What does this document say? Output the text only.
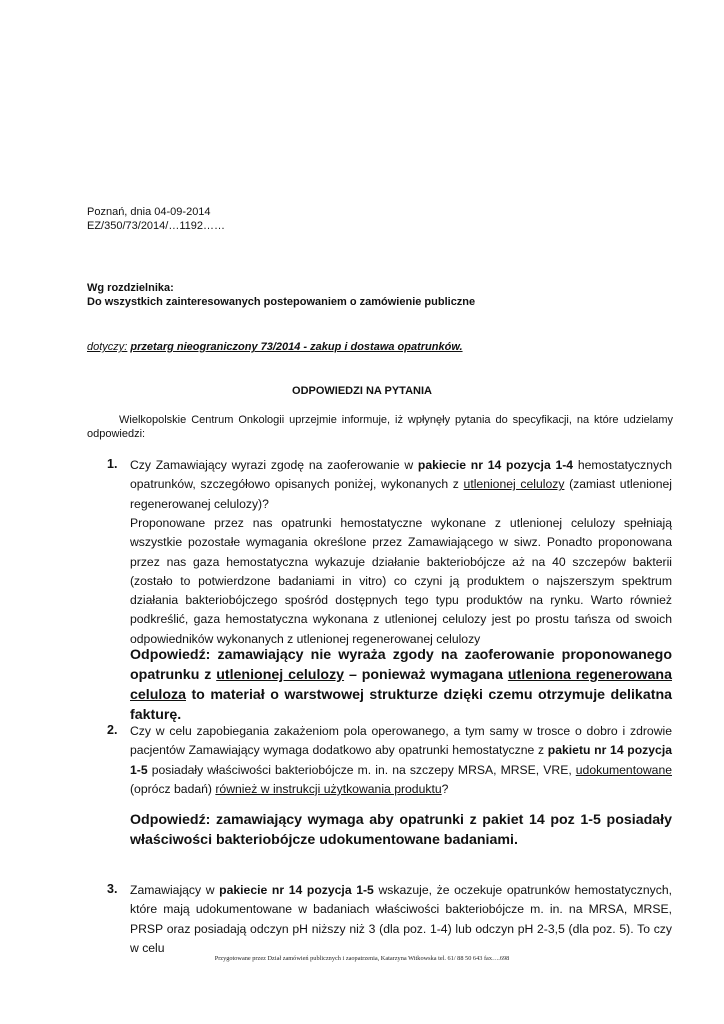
Poznań, dnia 04-09-2014
EZ/350/73/2014/…1192……
Wg rozdzielnika:
Do wszystkich zainteresowanych postepowaniem o zamówienie publiczne
dotyczy: przetarg nieograniczony 73/2014 - zakup i dostawa opatrunków.
ODPOWIEDZI NA PYTANIA
Wielkopolskie Centrum Onkologii uprzejmie informuje, iż wpłynęły pytania do specyfikacji, na które udzielamy odpowiedzi:
1. Czy Zamawiający wyrazi zgodę na zaoferowanie w pakiecie nr 14 pozycja 1-4 hemostatycznych opatrunków, szczegółowo opisanych poniżej, wykonanych z utlenionej celulozy (zamiast utlenionej regenerowanej celulozy)?
Proponowane przez nas opatrunki hemostatyczne wykonane z utlenionej celulozy spełniają wszystkie pozostałe wymagania określone przez Zamawiającego w siwz. Ponadto proponowana przez nas gaza hemostatyczna wykazuje działanie bakteriobójcze aż na 40 szczepów bakterii (zostało to potwierdzone badaniami in vitro) co czyni ją produktem o najszerszym spektrum działania bakteriobójczego spośród dostępnych tego typu produktów na rynku. Warto również podkreślić, gaza hemostatyczna wykonana z utlenionej celulozy jest po prostu tańsza od swoich odpowiedników wykonanych z utlenionej regenerowanej celulozy
Odpowiedź: zamawiający nie wyraża zgody na zaoferowanie proponowanego opatrunku z utlenionej celulozy – ponieważ wymagana utleniona regenerowana celuloza to materiał o warstwowej strukturze dzięki czemu otrzymuje delikatna fakturę.
2. Czy w celu zapobiegania zakażeniom pola operowanego, a tym samy w trosce o dobro i zdrowie pacjentów Zamawiający wymaga dodatkowo aby opatrunki hemostatyczne z pakietu nr 14 pozycja 1-5 posiadały właściwości bakteriobójcze m. in. na szczepy MRSA, MRSE, VRE, udokumentowane (oprócz badań) również w instrukcji użytkowania produktu?
Odpowiedź: zamawiający wymaga aby opatrunki z pakiet 14 poz 1-5 posiadały właściwości bakteriobójcze udokumentowane badaniami.
3. Zamawiający w pakiecie nr 14 pozycja 1-5 wskazuje, że oczekuje opatrunków hemostatycznych, które mają udokumentowane w badaniach właściwości bakteriobójcze m. in. na MRSA, MRSE, PRSP oraz posiadają odczyn pH niższy niż 3 (dla poz. 1-4) lub odczyn pH 2-3,5 (dla poz. 5). To czy w celu
Przygotowane przez Dział zamówień publicznych i zaopatrzenia, Katarzyna Witkowska tel. 61/ 88 50 643 fax….698
